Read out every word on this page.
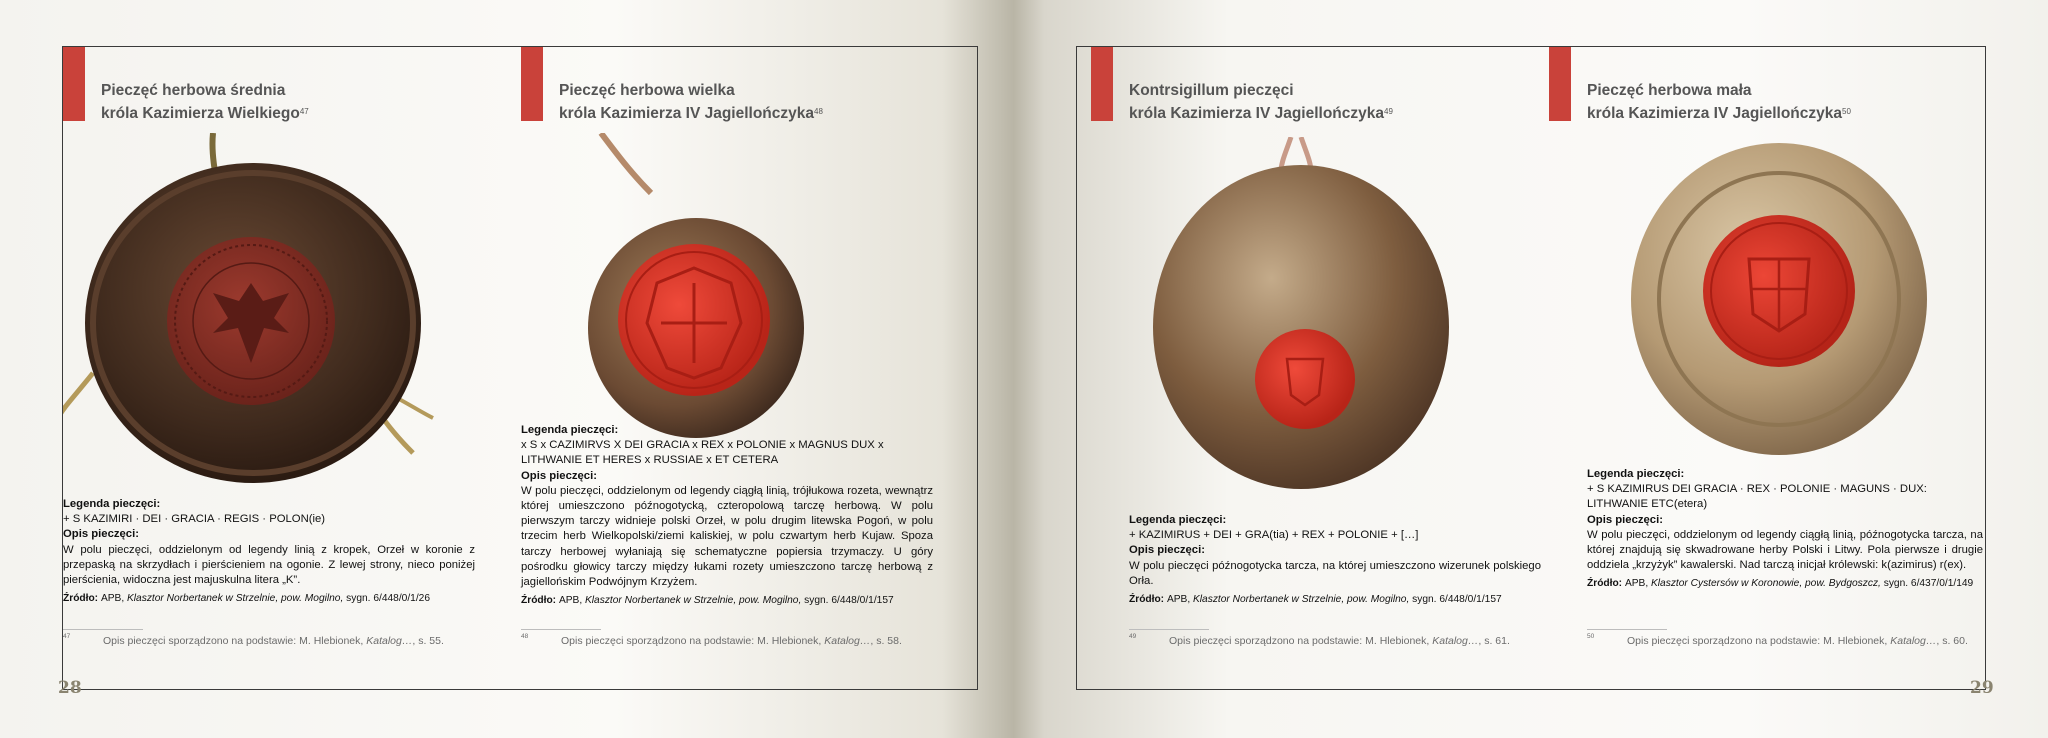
Pieczęć herbowa średnia
króla Kazimierza Wielkiego$^{47}$

Legenda pieczęci:

+ S KAZIMIRI · DEI · GRACIA · REGIS · POLON(ie)

Opis pieczęci:

W polu pieczęci, oddzielonym od legendy linią z kropek, Orzeł w koronie z przepaską na skrzydłach i pierścieniem na ogonie. Z lewej strony, nieco poniżej pierścienia, widoczna jest majuskulna litera „K”.

Źródło: APB, Klasztor Norbertanek w Strzelnie, pow. Mogilno, sygn. 6/448/0/1/26

47	Opis pieczęci sporządzono na podstawie: M. Hlebionek, Katalog…, s. 55.
Pieczęć herbowa wielka
króla Kazimierza IV Jagiellończyka$^{48}$

Legenda pieczęci:

x S x CAZIMIRVS X DEI GRACIA x REX x POLONIE x MAGNUS DUX x LITHWANIE ET HERES x RUSSIAE x ET CETERA

Opis pieczęci:

W polu pieczęci, oddzielonym od legendy ciągłą linią, trójłukowa rozeta, wewnątrz której umieszczono późnogotycką, czteropolową tarczę herbową. W polu pierwszym tarczy widnieje polski Orzeł, w polu drugim litewska Pogoń, w polu trzecim herb Wielkopolski/ziemi kaliskiej, w polu czwartym herb Kujaw. Spoza tarczy herbowej wyłaniają się schematyczne popiersia trzymaczy. U góry pośrodku głowicy tarczy między łukami rozety umieszczono tarczę herbową z jagiellońskim Podwójnym Krzyżem.

Źródło: APB, Klasztor Norbertanek w Strzelnie, pow. Mogilno, sygn. 6/448/0/1/157

48	Opis pieczęci sporządzono na podstawie: M. Hlebionek, Katalog…, s. 58.
28
Kontrsigillum pieczęci
króla Kazimierza IV Jagiellończyka$^{49}$

Legenda pieczęci:

+ KAZIMIRUS + DEI + GRA(tia) + REX + POLONIE + […]

Opis pieczęci:

W polu pieczęci późnogotycka tarcza, na której umieszczono wizerunek polskiego Orła.

Źródło: APB, Klasztor Norbertanek w Strzelnie, pow. Mogilno, sygn. 6/448/0/1/157

49	Opis pieczęci sporządzono na podstawie: M. Hlebionek, Katalog…, s. 61.
Pieczęć herbowa mała
króla Kazimierza IV Jagiellończyka$^{50}$

Legenda pieczęci:

+ S KAZIMIRUS DEI GRACIA · REX · POLONIE · MAGUNS · DUX: LITHWANIE ETC(etera)

Opis pieczęci:

W polu pieczęci, oddzielonym od legendy ciągłą linią, późnogotycka tarcza, na której znajdują się skwadrowane herby Polski i Litwy. Pola pierwsze i drugie oddziela „krzyżyk” kawalerski. Nad tarczą inicjał królewski: k(azimirus) r(ex).

Źródło: APB, Klasztor Cystersów w Koronowie, pow. Bydgoszcz, sygn. 6/437/0/1/149

50	Opis pieczęci sporządzono na podstawie: M. Hlebionek, Katalog…, s. 60.
29
